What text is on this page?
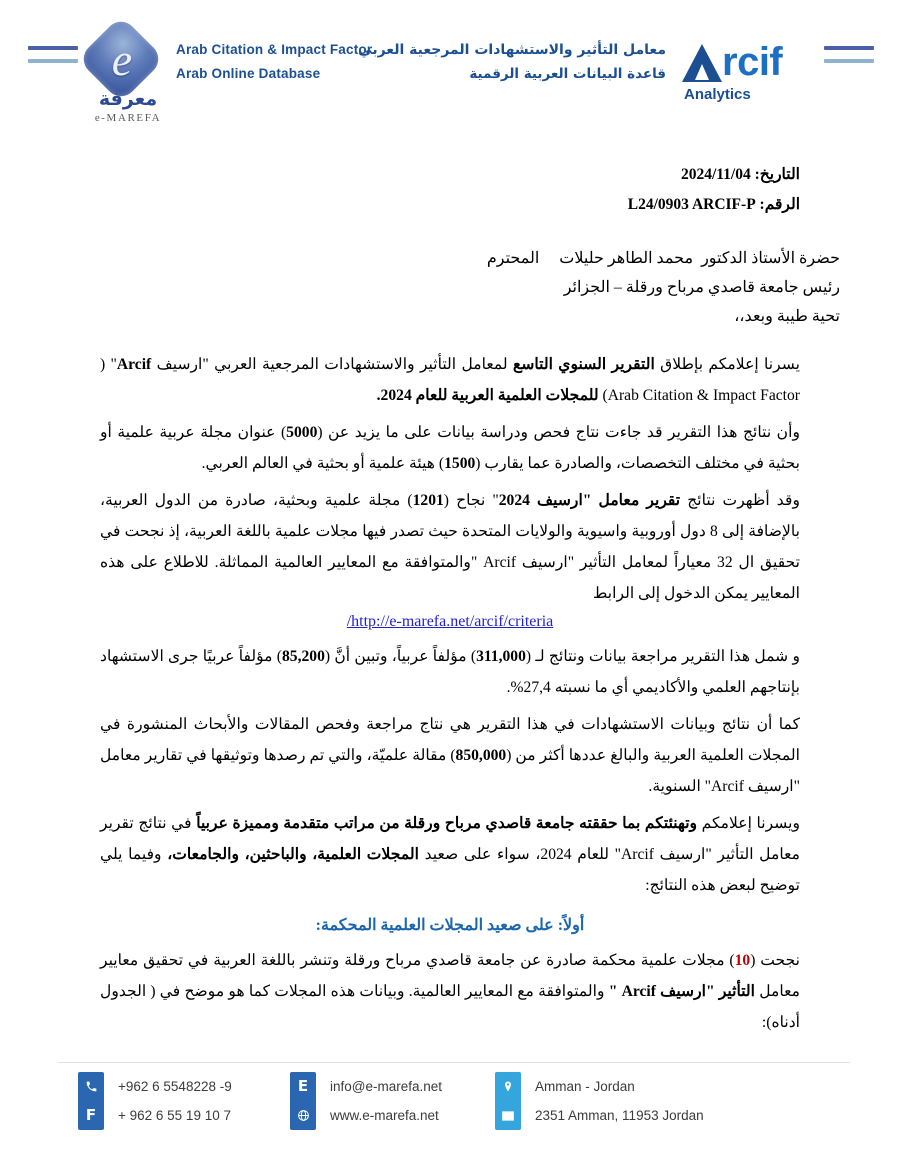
e
معرفة
e-MAREFA
Arab Citation & Impact Factor
معامل التأثير والاستشهادات المرجعية العربي
Arab Online Database	قاعدة البيانات العربية الرقمية rcif
Analytics
التاريخ: 2024/11/04
الرقم: L24/0903 ARCIF-P
حضرة الأستاذ الدكتور  محمد الطاهر حليلات     المحترم
رئيس جامعة قاصدي مرباح ورقلة – الجزائر
تحية طيبة وبعد،،

يسرنا إعلامكم بإطلاق التقرير السنوي التاسع لمعامل التأثير والاستشهادات المرجعية العربي "ارسيف Arcif" (Arab Citation & Impact Factor) للمجلات العلمية العربية للعام 2024.

وأن نتائج هذا التقرير قد جاءت نتاج فحص ودراسة بيانات على ما يزيد عن (5000) عنوان مجلة عربية علمية أو بحثية في مختلف التخصصات، والصادرة عما يقارب (1500) هيئة علمية أو بحثية في العالم العربي.

وقد أظهرت نتائج تقرير معامل "ارسيف 2024" نجاح (1201) مجلة علمية وبحثية، صادرة من الدول العربية، بالإضافة إلى 8 دول أوروبية واسيوية والولايات المتحدة حيث تصدر فيها مجلات علمية باللغة العربية، إذ نجحت في تحقيق ال 32 معياراً لمعامل التأثير "ارسيف Arcif "والمتوافقة مع المعايير العالمية المماثلة. للاطلاع على هذه المعايير يمكن الدخول إلى الرابط

/http://e-marefa.net/arcif/criteria

و شمل هذا التقرير مراجعة بيانات ونتائج لـ (311,000) مؤلفاً عربياً، وتبين أنَّ (85,200) مؤلفاً عربيًا جرى الاستشهاد بإنتاجهم العلمي والأكاديمي أي ما نسبته 27,4%.

كما أن نتائج وبيانات الاستشهادات في هذا التقرير هي نتاج مراجعة وفحص المقالات والأبحاث المنشورة في المجلات العلمية العربية والبالغ عددها أكثر من (850,000) مقالة علميّة، والتي تم رصدها وتوثيقها في تقارير معامل "ارسيف Arcif" السنوية.

ويسرنا إعلامكم وتهنئتكم بما حققته جامعة قاصدي مرباح ورقلة من مراتب متقدمة ومميزة عربياً في نتائج تقرير معامل التأثير "ارسيف Arcif" للعام 2024، سواء على صعيد المجلات العلمية، والباحثين، والجامعات، وفيما يلي توضيح لبعض هذه النتائج:

أولاً: على صعيد المجلات العلمية المحكمة:

نجحت (10) مجلات علمية محكمة صادرة عن جامعة قاصدي مرباح ورقلة وتنشر باللغة العربية في تحقيق معايير معامل التأثير "ارسيف Arcif " والمتوافقة مع المعايير العالمية. وبيانات هذه المجلات كما هو موضح في ( الجدول أدناه):

F
+962 6 5548228 -9
+ 962 6 55 19 10 7
E	info@e-marefa.net
www.e-marefa.net
Amman - Jordan
2351 Amman, 11953 Jordan
